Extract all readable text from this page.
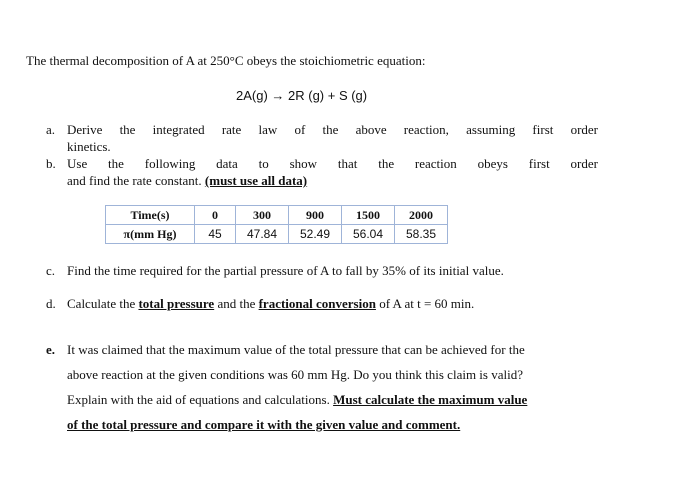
The thermal decomposition of A at 250°C obeys the stoichiometric equation:
2A(g) → 2R (g) + S (g)
a. Derive the integrated rate law of the above reaction, assuming first order
kinetics.
b. Use the following data to show that the reaction obeys first order
and find the rate constant. (must use all data)
Time(s)	0	300	900	1500	2000
π(mm Hg)	45	47.84	52.49	56.04	58.35
c. Find the time required for the partial pressure of A to fall by 35% of its initial value.
d. Calculate the total pressure and the fractional conversion of A at t = 60 min.
e. It was claimed that the maximum value of the total pressure that can be achieved for the
above reaction at the given conditions was 60 mm Hg. Do you think this claim is valid?
Explain with the aid of equations and calculations. Must calculate the maximum value
of the total pressure and compare it with the given value and comment.
